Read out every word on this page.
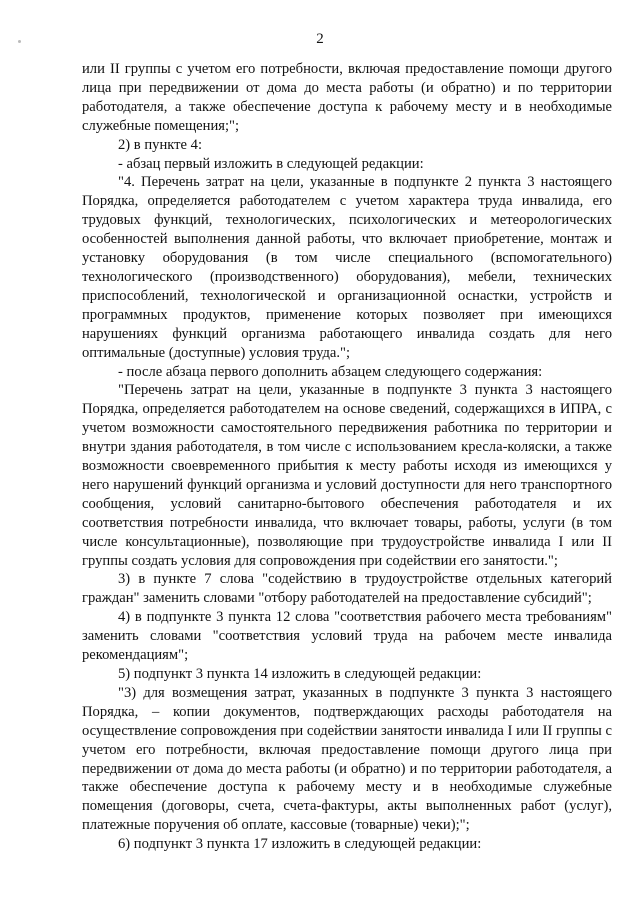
2

или II группы с учетом его потребности, включая предоставление помощи другого лица при передвижении от дома до места работы (и обратно) и по территории работодателя, а также обеспечение доступа к рабочему месту и в необходимые служебные помещения;";

2) в пункте 4:

- абзац первый изложить в следующей редакции:

"4. Перечень затрат на цели, указанные в подпункте 2 пункта 3 настоящего Порядка, определяется работодателем с учетом характера труда инвалида, его трудовых функций, технологических, психологических и метеорологических особенностей выполнения данной работы, что включает приобретение, монтаж и установку оборудования (в том числе специального (вспомогательного) технологического (производственного) оборудования), мебели, технических приспособлений, технологической и организационной оснастки, устройств и программных продуктов, применение которых позволяет при имеющихся нарушениях функций организма работающего инвалида создать для него оптимальные (доступные) условия труда.";

- после абзаца первого дополнить абзацем следующего содержания:

"Перечень затрат на цели, указанные в подпункте 3 пункта 3 настоящего Порядка, определяется работодателем на основе сведений, содержащихся в ИПРА, с учетом возможности самостоятельного передвижения работника по территории и внутри здания работодателя, в том числе с использованием кресла-коляски, а также возможности своевременного прибытия к месту работы исходя из имеющихся у него нарушений функций организма и условий доступности для него транспортного сообщения, условий санитарно-бытового обеспечения работодателя и их соответствия потребности инвалида, что включает товары, работы, услуги (в том числе консультационные), позволяющие при трудоустройстве инвалида I или II группы создать условия для сопровождения при содействии его занятости.";

3) в пункте 7 слова "содействию в трудоустройстве отдельных категорий граждан" заменить словами "отбору работодателей на предоставление субсидий";

4) в подпункте 3 пункта 12 слова "соответствия рабочего места требованиям" заменить словами "соответствия условий труда на рабочем месте инвалида рекомендациям";

5) подпункт 3 пункта 14 изложить в следующей редакции:

"3) для возмещения затрат, указанных в подпункте 3 пункта 3 настоящего Порядка, – копии документов, подтверждающих расходы работодателя на осуществление сопровождения при содействии занятости инвалида I или II группы с учетом его потребности, включая предоставление помощи другого лица при передвижении от дома до места работы (и обратно) и по территории работодателя, а также обеспечение доступа к рабочему месту и в необходимые служебные помещения (договоры, счета, счета-фактуры, акты выполненных работ (услуг), платежные поручения об оплате, кассовые (товарные) чеки);";

6) подпункт 3 пункта 17 изложить в следующей редакции:
